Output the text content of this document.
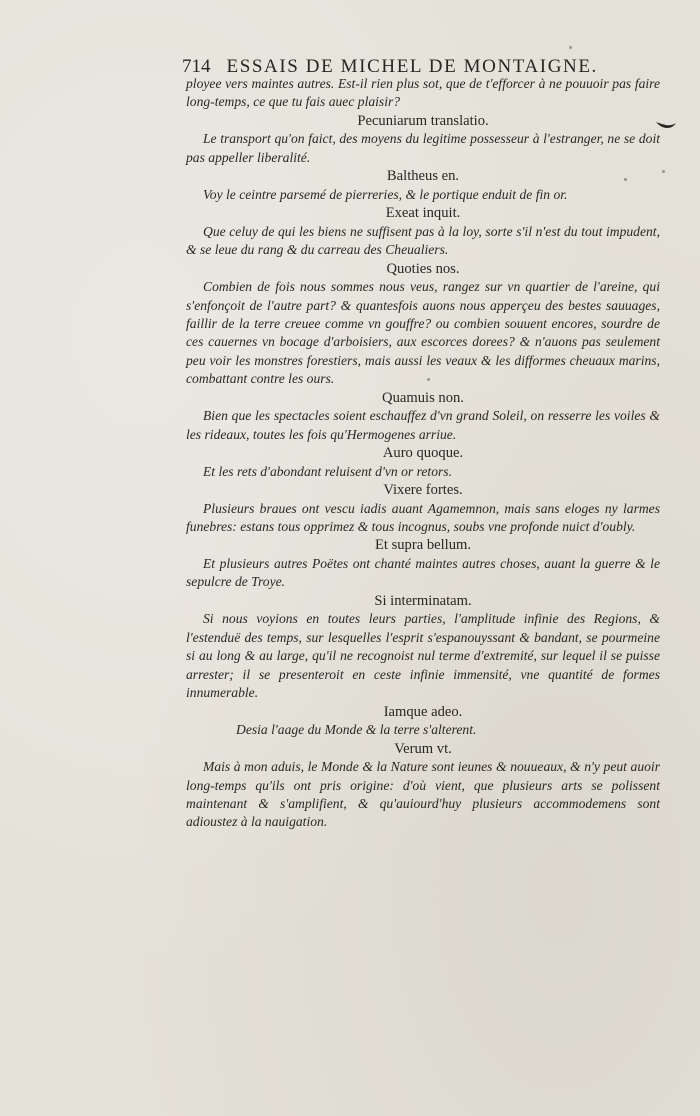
714 ESSAIS DE MICHEL DE MONTAIGNE.

ployee vers maintes autres. Est-il rien plus sot, que de t'efforcer à ne pouuoir pas faire long-temps, ce que tu fais auec plaisir?

Pecuniarum translatio.

Le transport qu'on faict, des moyens du legitime possesseur à l'estranger, ne se doit pas appeller liberalité.

Baltheus en.

Voy le ceintre parsemé de pierreries, & le portique enduit de fin or.

Exeat inquit.

Que celuy de qui les biens ne suffisent pas à la loy, sorte s'il n'est du tout impudent, & se leue du rang & du carreau des Cheualiers.

Quoties nos.

Combien de fois nous sommes nous veus, rangez sur vn quartier de l'areine, qui s'enfonçoit de l'autre part? & quantesfois auons nous apperçeu des bestes sauuages, faillir de la terre creuee comme vn gouffre? ou combien souuent encores, sourdre de ces cauernes vn bocage d'arboisiers, aux escorces dorees? & n'auons pas seulement peu voir les monstres forestiers, mais aussi les veaux & les difformes cheuaux marins, combattant contre les ours.

Quamuis non.

Bien que les spectacles soient eschauffez d'vn grand Soleil, on resserre les voiles & les rideaux, toutes les fois qu'Hermogenes arriue.

Auro quoque.

Et les rets d'abondant reluisent d'vn or retors.

Vixere fortes.

Plusieurs braues ont vescu iadis auant Agamemnon, mais sans eloges ny larmes funebres: estans tous opprimez & tous incognus, soubs vne profonde nuict d'oubly.

Et supra bellum.

Et plusieurs autres Poëtes ont chanté maintes autres choses, auant la guerre & le sepulcre de Troye.

Si interminatam.

Si nous voyions en toutes leurs parties, l'amplitude infinie des Regions, & l'estenduë des temps, sur lesquelles l'esprit s'espanouyssant & bandant, se pourmeine si au long & au large, qu'il ne recognoist nul terme d'extremité, sur lequel il se puisse arrester; il se presenteroit en ceste infinie immensité, vne quantité de formes innumerable.

Iamque adeo.

Desia l'aage du Monde & la terre s'alterent.

Verum vt.

Mais à mon aduis, le Monde & la Nature sont ieunes & nouueaux, & n'y peut auoir long-temps qu'ils ont pris origine: d'où vient, que plusieurs arts se polissent maintenant & s'amplifient, & qu'auiourd'huy plusieurs accommodemens sont adioustez à la nauigation.
